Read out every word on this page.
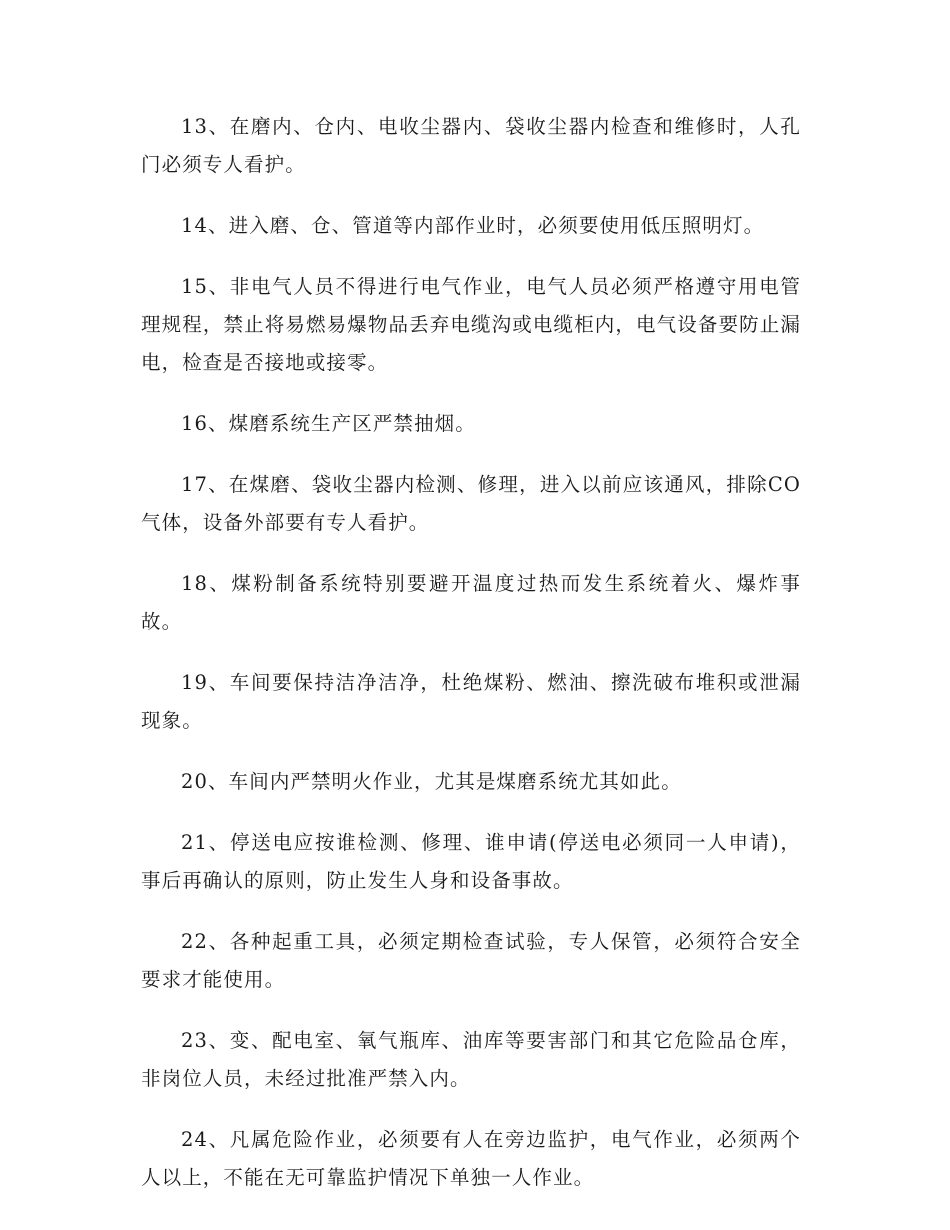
13、在磨内、仓内、电收尘器内、袋收尘器内检查和维修时，人孔门必须专人看护。

14、进入磨、仓、管道等内部作业时，必须要使用低压照明灯。

15、非电气人员不得进行电气作业，电气人员必须严格遵守用电管理规程，禁止将易燃易爆物品丢弃电缆沟或电缆柜内，电气设备要防止漏电，检查是否接地或接零。

16、煤磨系统生产区严禁抽烟。

17、在煤磨、袋收尘器内检测、修理，进入以前应该通风，排除CO气体，设备外部要有专人看护。

18、煤粉制备系统特别要避开温度过热而发生系统着火、爆炸事故。

19、车间要保持洁净洁净，杜绝煤粉、燃油、擦洗破布堆积或泄漏现象。

20、车间内严禁明火作业，尤其是煤磨系统尤其如此。

21、停送电应按谁检测、修理、谁申请(停送电必须同一人申请)，事后再确认的原则，防止发生人身和设备事故。

22、各种起重工具，必须定期检查试验，专人保管，必须符合安全要求才能使用。

23、变、配电室、氧气瓶库、油库等要害部门和其它危险品仓库，非岗位人员，未经过批准严禁入内。

24、凡属危险作业，必须要有人在旁边监护，电气作业，必须两个人以上，不能在无可靠监护情况下单独一人作业。
